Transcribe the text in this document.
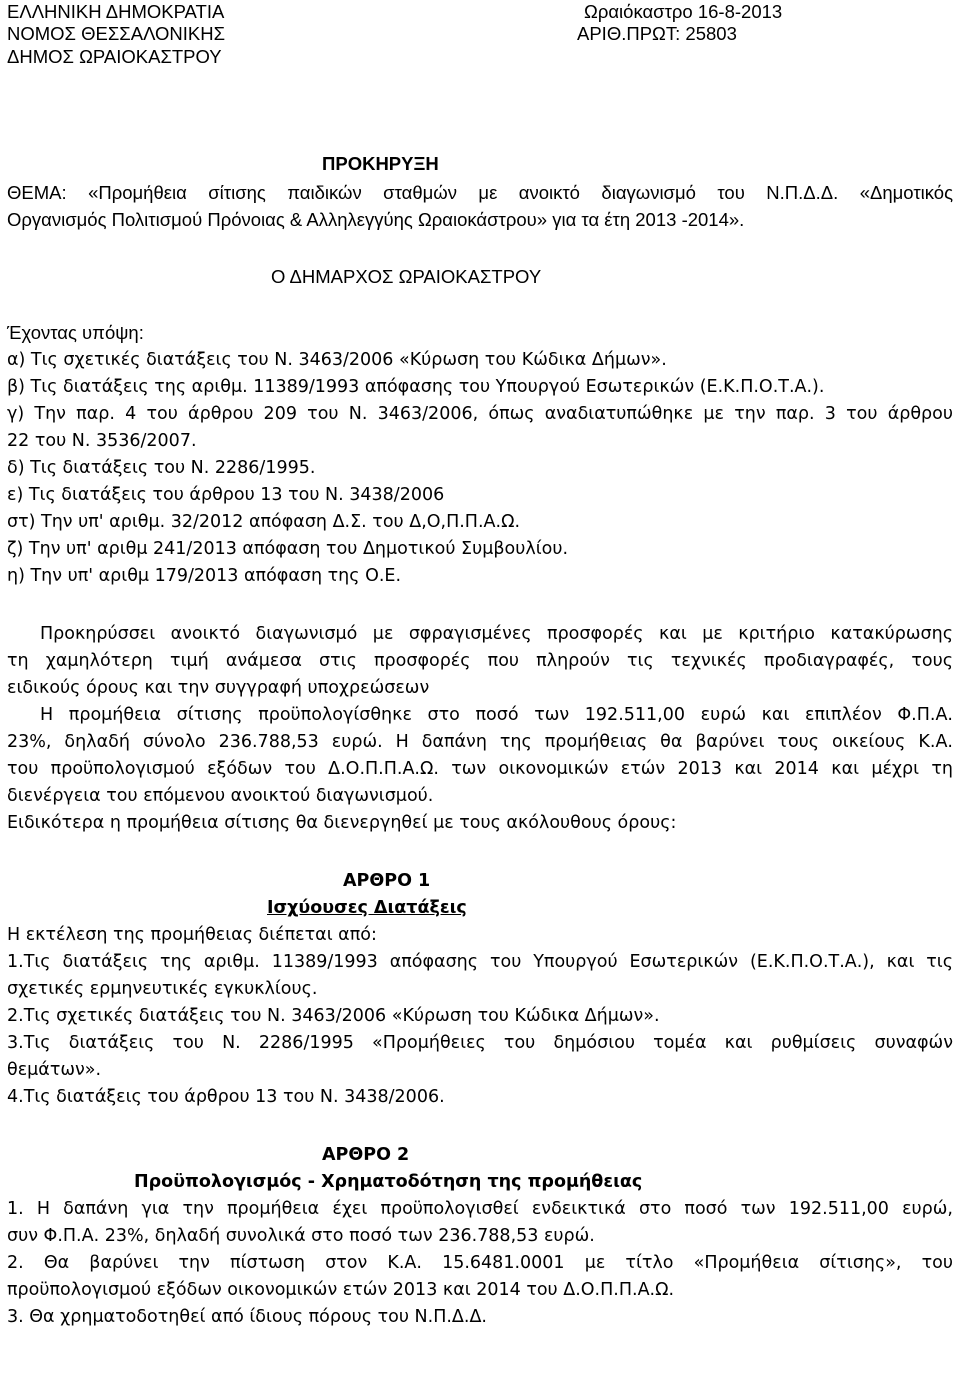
ΕΛΛΗΝΙΚΗ ΔΗΜΟΚΡΑΤΙΑ
ΝΟΜΟΣ ΘΕΣΣΑΛΟΝΙΚΗΣ
ΔΗΜΟΣ ΩΡΑΙΟΚΑΣΤΡΟΥ
Ωραιόκαστρο 16-8-2013
ΑΡΙΘ.ΠΡΩΤ: 25803
ΠΡΟΚΗΡΥΞΗ
ΘΕΜΑ: «Προμήθεια σίτισης παιδικών σταθμών με ανοικτό διαγωνισμό του Ν.Π.Δ.Δ. «Δημοτικός
Οργανισμός Πολιτισμού Πρόνοιας & Αλληλεγγύης Ωραιοκάστρου» για τα έτη 2013 -2014».
Ο ΔΗΜΑΡΧΟΣ ΩΡΑΙΟΚΑΣΤΡΟΥ
Έχοντας υπόψη:
α) Τις σχετικές διατάξεις του Ν. 3463/2006 «Κύρωση του Κώδικα Δήμων».
β) Τις διατάξεις της αριθμ. 11389/1993 απόφασης του Υπουργού Εσωτερικών (Ε.Κ.Π.Ο.Τ.Α.).
γ) Την παρ. 4 του άρθρου 209 του Ν. 3463/2006, όπως αναδιατυπώθηκε με την παρ. 3 του άρθρου
22 του Ν. 3536/2007.
δ) Τις διατάξεις του Ν. 2286/1995.
ε) Τις διατάξεις του άρθρου 13 του Ν. 3438/2006
στ) Την υπ' αριθμ. 32/2012 απόφαση Δ.Σ. του Δ,Ο,Π.Π.Α.Ω.
ζ) Την υπ' αριθμ 241/2013 απόφαση του Δημοτικού Συμβουλίου.
η) Την υπ' αριθμ 179/2013 απόφαση της Ο.Ε.
Προκηρύσσει ανοικτό διαγωνισμό με σφραγισμένες προσφορές και με κριτήριο κατακύρωσης
τη χαμηλότερη τιμή ανάμεσα στις προσφορές που πληρούν τις τεχνικές προδιαγραφές, τους
ειδικούς όρους και την συγγραφή υποχρεώσεων
Η προμήθεια σίτισης προϋπολογίσθηκε στο ποσό των 192.511,00 ευρώ και επιπλέον Φ.Π.Α.
23%, δηλαδή σύνολο 236.788,53 ευρώ. Η δαπάνη της προμήθειας θα βαρύνει τους οικείους Κ.Α.
του προϋπολογισμού εξόδων του Δ.Ο.Π.Π.Α.Ω. των οικονομικών ετών 2013 και 2014 και μέχρι τη
διενέργεια του επόμενου ανοικτού διαγωνισμού.
Ειδικότερα η προμήθεια σίτισης θα διενεργηθεί με τους ακόλουθους όρους:
ΑΡΘΡΟ 1
Ισχύουσες Διατάξεις
Η εκτέλεση της προμήθειας διέπεται από:
1.Τις διατάξεις της αριθμ. 11389/1993 απόφασης του Υπουργού Εσωτερικών (Ε.Κ.Π.Ο.Τ.Α.), και τις
σχετικές ερμηνευτικές εγκυκλίους.
2.Τις σχετικές διατάξεις του Ν. 3463/2006 «Κύρωση του Κώδικα Δήμων».
3.Τις διατάξεις του Ν. 2286/1995 «Προμήθειες του δημόσιου τομέα και ρυθμίσεις συναφών
θεμάτων».
4.Τις διατάξεις του άρθρου 13 του Ν. 3438/2006.
ΑΡΘΡΟ 2
Προϋπολογισμός - Χρηματοδότηση της προμήθειας
1. Η δαπάνη για την προμήθεια έχει προϋπολογισθεί ενδεικτικά στο ποσό των 192.511,00 ευρώ,
συν Φ.Π.Α. 23%, δηλαδή συνολικά στο ποσό των 236.788,53 ευρώ.
2. Θα βαρύνει την πίστωση στον Κ.Α. 15.6481.0001 με τίτλο «Προμήθεια σίτισης», του
προϋπολογισμού εξόδων οικονομικών ετών 2013 και 2014 του Δ.Ο.Π.Π.Α.Ω.
3. Θα χρηματοδοτηθεί από ίδιους πόρους του Ν.Π.Δ.Δ.
